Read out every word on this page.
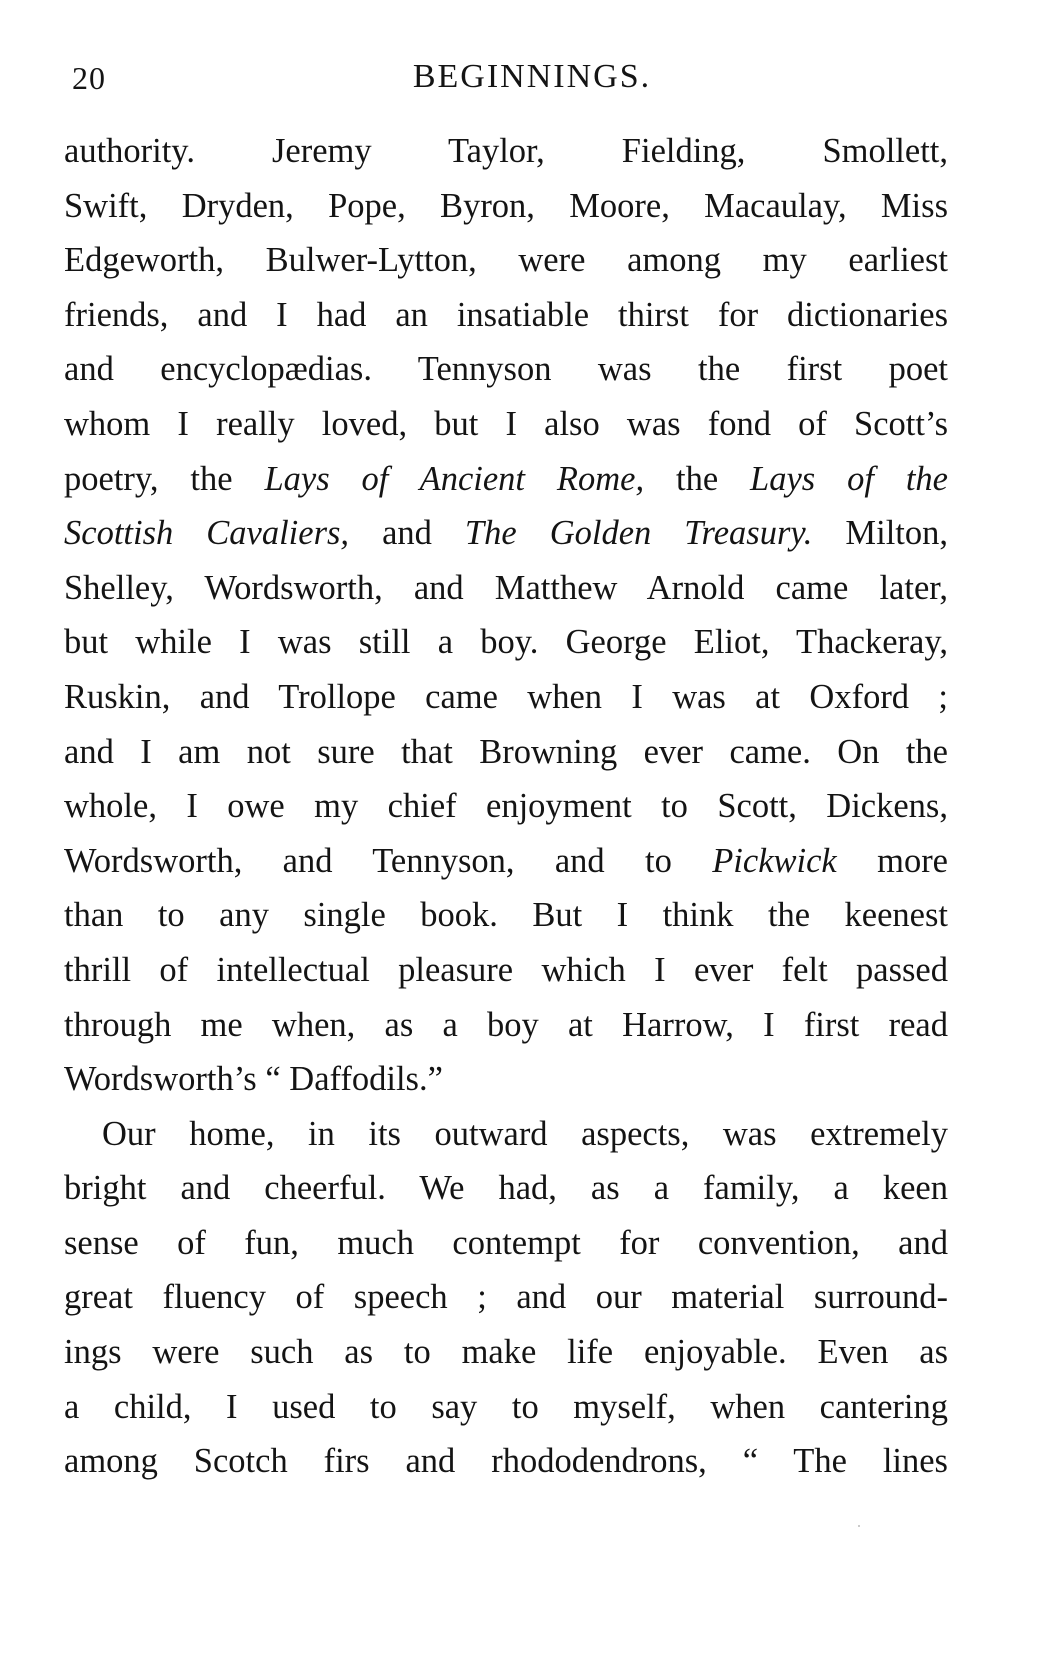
20	BEGINNINGS.
authority. Jeremy Taylor, Fielding, Smollett,
Swift, Dryden, Pope, Byron, Moore, Macaulay, Miss
Edgeworth, Bulwer-Lytton, were among my earliest
friends, and I had an insatiable thirst for dictionaries
and encyclopædias. Tennyson was the first poet
whom I really loved, but I also was fond of Scott’s
poetry, the Lays of Ancient Rome, the Lays of the
Scottish Cavaliers, and The Golden Treasury. Milton,
Shelley, Wordsworth, and Matthew Arnold came later,
but while I was still a boy. George Eliot, Thackeray,
Ruskin, and Trollope came when I was at Oxford ;
and I am not sure that Browning ever came. On the
whole, I owe my chief enjoyment to Scott, Dickens,
Wordsworth, and Tennyson, and to Pickwick more
than to any single book. But I think the keenest
thrill of intellectual pleasure which I ever felt passed
through me when, as a boy at Harrow, I first read
Wordsworth’s “ Daffodils.”
Our home, in its outward aspects, was extremely
bright and cheerful. We had, as a family, a keen
sense of fun, much contempt for convention, and
great fluency of speech ; and our material surround-
ings were such as to make life enjoyable. Even as
a child, I used to say to myself, when cantering
among Scotch firs and rhododendrons, “ The lines
